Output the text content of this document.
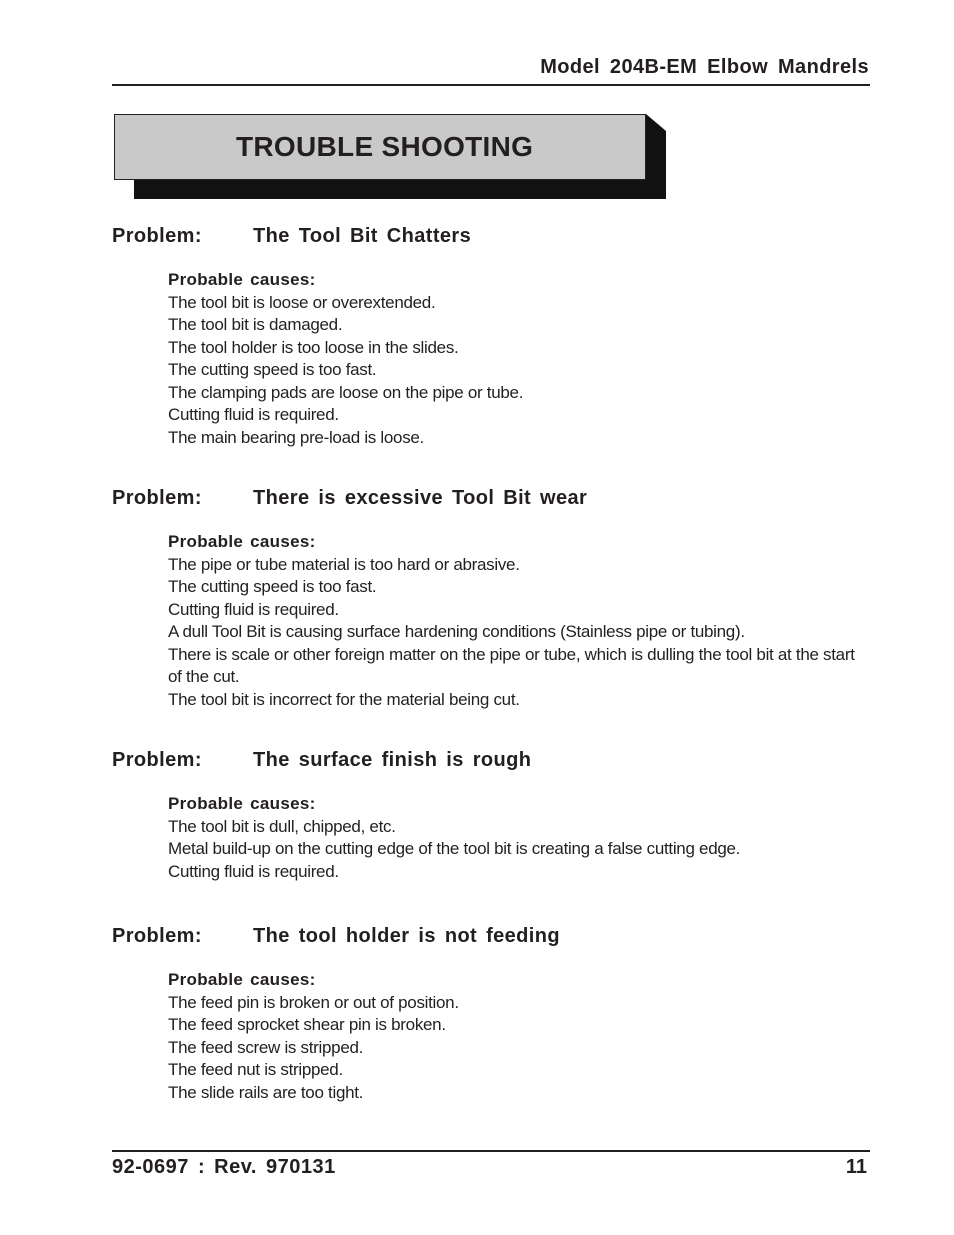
Model 204B-EM Elbow Mandrels
TROUBLE SHOOTING
Problem:	The Tool Bit Chatters
Probable causes:
The tool bit is loose or overextended.
The tool bit is damaged.
The tool holder is too loose in the slides.
The cutting speed is too fast.
The clamping pads are loose on the pipe or tube.
Cutting fluid is required.
The main bearing pre-load is loose.
Problem:	There is excessive Tool Bit wear
Probable causes:
The pipe or tube material is too hard or abrasive.
The cutting speed is too fast.
Cutting fluid is required.
A dull Tool Bit is causing surface hardening conditions (Stainless pipe or tubing).
There is scale or other foreign matter on the pipe or tube, which is dulling the tool bit at the start of the cut.
The tool bit is incorrect for the material being cut.
Problem:	The surface finish is rough
Probable causes:
The tool bit is dull, chipped, etc.
Metal build-up on the cutting edge of the tool bit is creating a false cutting edge.
Cutting fluid is required.
Problem:	The tool holder is not feeding
Probable causes:
The feed pin is broken or out of position.
The feed sprocket shear pin is broken.
The feed screw is stripped.
The feed nut is stripped.
The slide rails are too tight.
92-0697 : Rev. 970131	11
